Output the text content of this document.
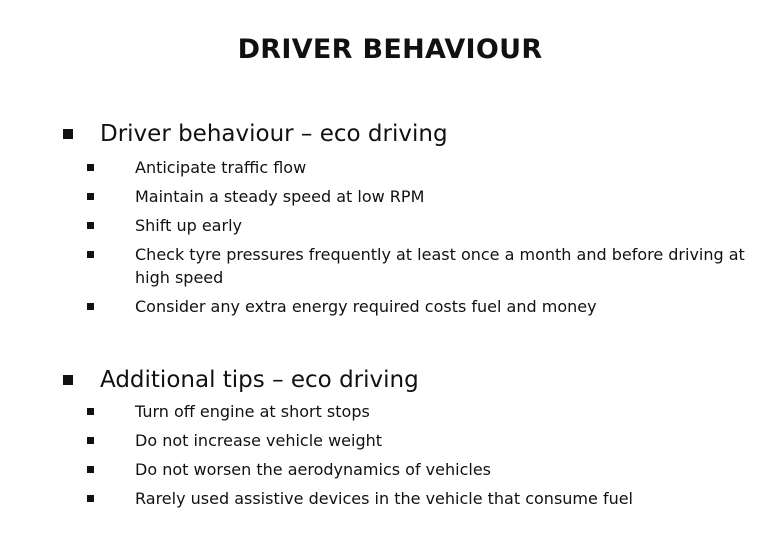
DRIVER BEHAVIOUR
Driver behaviour – eco driving
Anticipate traffic flow
Maintain a steady speed at low RPM
Shift up early
Check tyre pressures frequently at least once a month and before driving at high speed
Consider any extra energy required costs fuel and money
Additional tips – eco driving
Turn off engine at short stops
Do not increase vehicle weight
Do not worsen the aerodynamics of vehicles
Rarely used assistive devices in the vehicle that consume fuel
